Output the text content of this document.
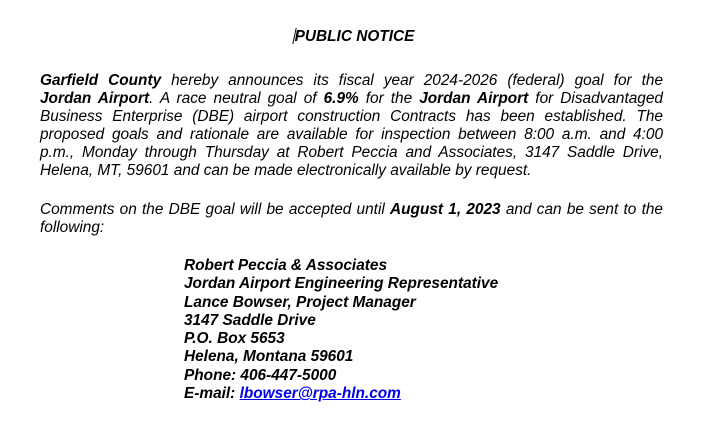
PUBLIC NOTICE
Garfield County hereby announces its fiscal year 2024-2026 (federal) goal for the
Jordan Airport. A race neutral goal of 6.9% for the Jordan Airport for Disadvantaged
Business Enterprise (DBE) airport construction Contracts has been established. The
proposed goals and rationale are available for inspection between 8:00 a.m. and 4:00
p.m., Monday through Thursday at Robert Peccia and Associates, 3147 Saddle Drive,
Helena, MT, 59601 and can be made electronically available by request.
Comments on the DBE goal will be accepted until August 1, 2023 and can be sent to the
following:
Robert Peccia & Associates
Jordan Airport Engineering Representative
Lance Bowser, Project Manager
3147 Saddle Drive
P.O. Box 5653
Helena, Montana 59601
Phone: 406-447-5000
E-mail: lbowser@rpa-hln.com
